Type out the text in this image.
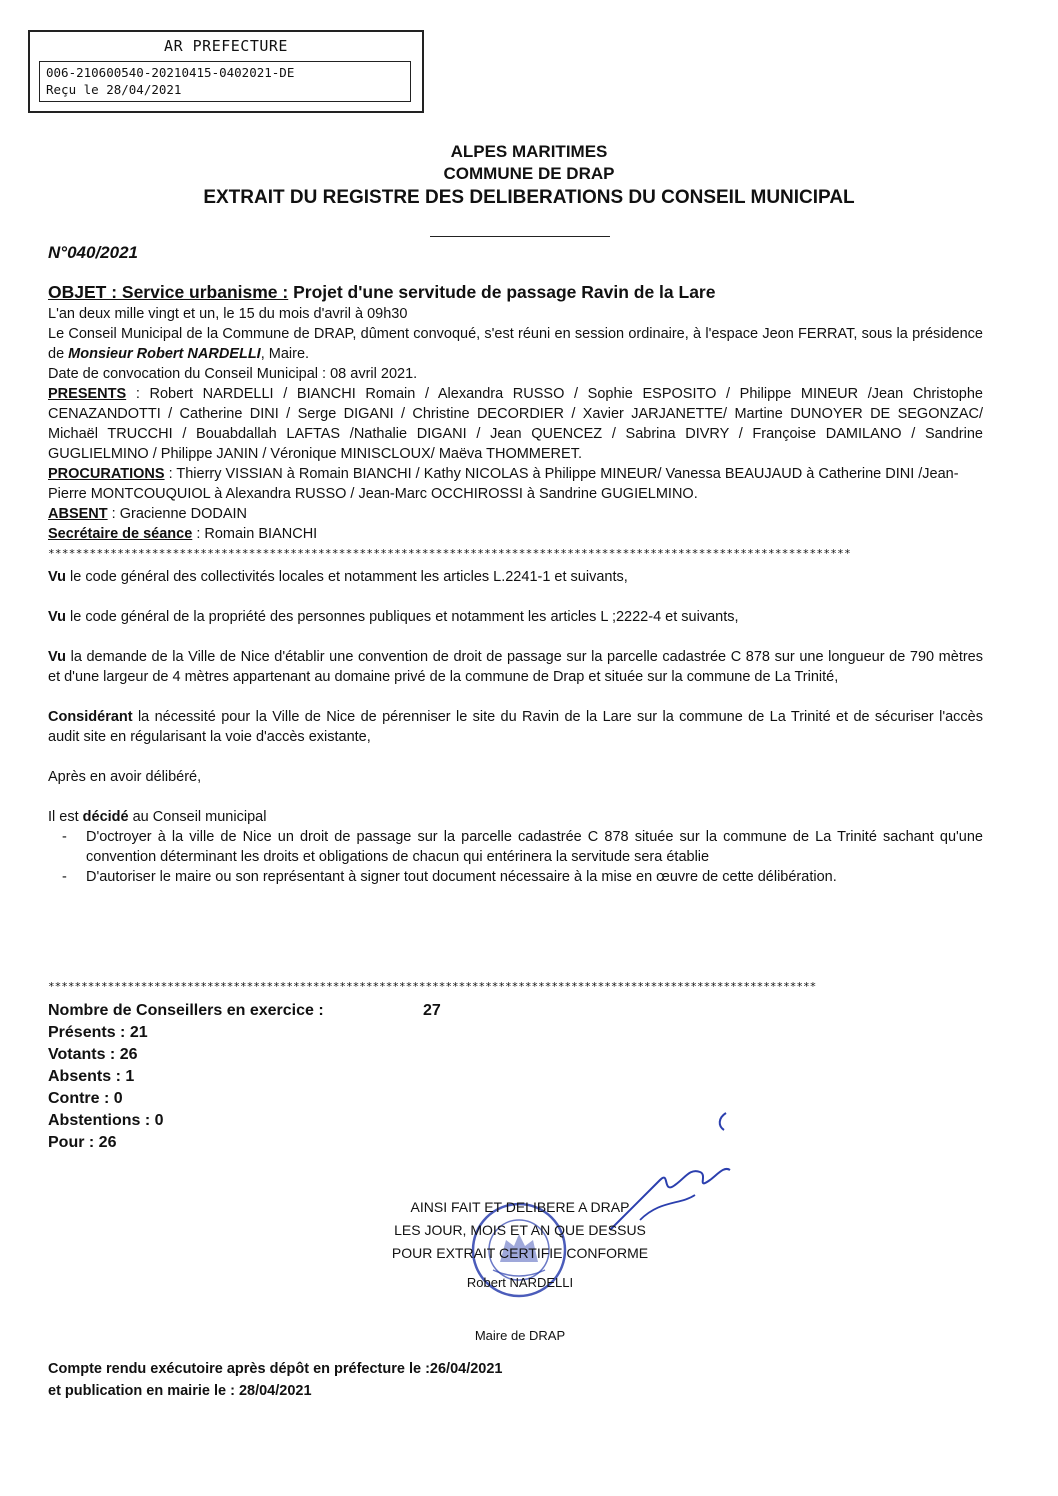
AR PREFECTURE
006-210600540-20210415-0402021-DE
Reçu le 28/04/2021
ALPES MARITIMES
COMMUNE DE DRAP
EXTRAIT DU REGISTRE DES DELIBERATIONS DU CONSEIL MUNICIPAL
N°040/2021
OBJET : Service urbanisme : Projet d'une servitude de passage Ravin de la Lare

L'an deux mille vingt et un, le 15 du mois d'avril à 09h30

Le Conseil Municipal de la Commune de DRAP, dûment convoqué, s'est réuni en session ordinaire, à l'espace Jeon FERRAT, sous la présidence de Monsieur Robert NARDELLI, Maire.

Date de convocation du Conseil Municipal : 08 avril 2021.

PRESENTS : Robert NARDELLI / BIANCHI Romain / Alexandra RUSSO / Sophie ESPOSITO / Philippe MINEUR /Jean Christophe CENAZANDOTTI / Catherine DINI / Serge DIGANI / Christine DECORDIER / Xavier JARJANETTE/ Martine DUNOYER DE SEGONZAC/ Michaël TRUCCHI / Bouabdallah LAFTAS /Nathalie DIGANI / Jean QUENCEZ / Sabrina DIVRY / Françoise DAMILANO / Sandrine GUGLIELMINO / Philippe JANIN / Véronique MINISCLOUX/ Maëva THOMMERET.

PROCURATIONS : Thierry VISSIAN à Romain BIANCHI / Kathy NICOLAS à Philippe MINEUR/ Vanessa BEAUJAUD à Catherine DINI /Jean-Pierre MONTCOUQUIOL à Alexandra RUSSO / Jean-Marc OCCHIROSSI à Sandrine GUGIELMINO.

ABSENT : Gracienne DODAIN

Secrétaire de séance : Romain BIANCHI

********************************************************************************************************************

Vu le code général des collectivités locales et notamment les articles L.2241-1 et suivants,

Vu le code général de la propriété des personnes publiques et notamment les articles L ;2222-4 et suivants,

Vu la demande de la Ville de Nice d'établir une convention de droit de passage sur la parcelle cadastrée C 878 sur une longueur de 790 mètres et d'une largeur de 4 mètres appartenant au domaine privé de la commune de Drap et située sur la commune de La Trinité,

Considérant la nécessité pour la Ville de Nice de pérenniser le site du Ravin de la Lare sur la commune de La Trinité et de sécuriser l'accès audit site en régularisant la voie d'accès existante,

Après en avoir délibéré,

Il est décidé au Conseil municipal

- D'octroyer à la ville de Nice un droit de passage sur la parcelle cadastrée C 878 située sur la commune de La Trinité sachant qu'une convention déterminant les droits et obligations de chacun qui entérinera la servitude sera établie
- D'autoriser le maire ou son représentant à signer tout document nécessaire à la mise en œuvre de cette délibération.
********************************************************************************************************************
Nombre de Conseillers en exercice :	27
Présents : 21
Votants : 26
Absents : 1
Contre : 0
Abstentions : 0
Pour : 26
AINSI FAIT ET DELIBERE A DRAP
LES JOUR, MOIS ET AN QUE DESSUS
POUR EXTRAIT CERTIFIE CONFORME
Robert NARDELLI
Maire de DRAP
Compte rendu exécutoire après dépôt en préfecture le :26/04/2021
et publication en mairie le : 28/04/2021
